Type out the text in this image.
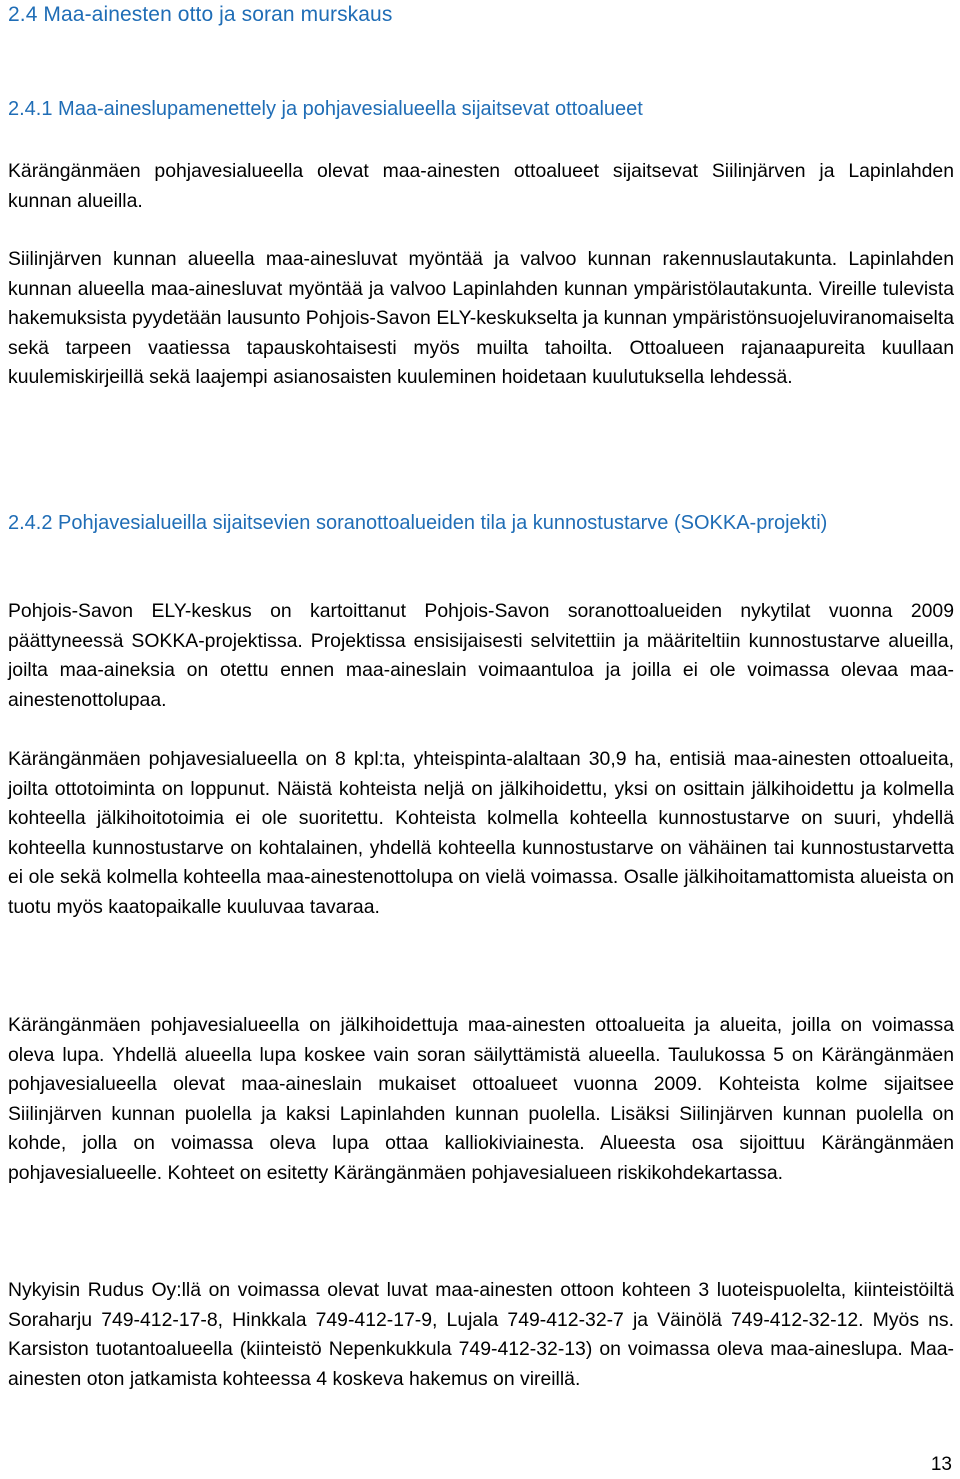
2.4 Maa-ainesten otto ja soran murskaus
2.4.1 Maa-aineslupamenettely ja pohjavesialueella sijaitsevat ottoalueet

Kärängänmäen pohjavesialueella olevat maa-ainesten ottoalueet sijaitsevat Siilinjärven ja Lapinlahden kunnan alueilla.

Siilinjärven kunnan alueella maa-ainesluvat myöntää ja valvoo kunnan rakennuslautakunta. Lapinlahden kunnan alueella maa-ainesluvat myöntää ja valvoo Lapinlahden kunnan ympäristölautakunta. Vireille tulevista hakemuksista pyydetään lausunto Pohjois-Savon ELY-keskukselta ja kunnan ympäristönsuojeluviranomaiselta sekä tarpeen vaatiessa tapauskohtaisesti myös muilta tahoilta. Ottoalueen rajanaapureita kuullaan kuulemiskirjeillä sekä laajempi asianosaisten kuuleminen hoidetaan kuulutuksella lehdessä.

2.4.2 Pohjavesialueilla sijaitsevien soranottoalueiden tila ja kunnostustarve (SOKKA-projekti)

Pohjois-Savon ELY-keskus on kartoittanut Pohjois-Savon soranottoalueiden nykytilat vuonna 2009 päättyneessä SOKKA-projektissa. Projektissa ensisijaisesti selvitettiin ja määriteltiin kunnostustarve alueilla, joilta maa-aineksia on otettu ennen maa-aineslain voimaantuloa ja joilla ei ole voimassa olevaa maa-ainestenottolupaa.

Kärängänmäen pohjavesialueella on 8 kpl:ta, yhteispinta-alaltaan 30,9 ha, entisiä maa-ainesten ottoalueita, joilta ottotoiminta on loppunut. Näistä kohteista neljä on jälkihoidettu, yksi on osittain jälkihoidettu ja kolmella kohteella jälkihoitotoimia ei ole suoritettu. Kohteista kolmella kohteella kunnostustarve on suuri, yhdellä kohteella kunnostustarve on kohtalainen, yhdellä kohteella kunnostustarve on vähäinen tai kunnostustarvetta ei ole sekä kolmella kohteella maa-ainestenottolupa on vielä voimassa. Osalle jälkihoitamattomista alueista on tuotu myös kaatopaikalle kuuluvaa tavaraa.

Kärängänmäen pohjavesialueella on jälkihoidettuja maa-ainesten ottoalueita ja alueita, joilla on voimassa oleva lupa. Yhdellä alueella lupa koskee vain soran säilyttämistä alueella. Taulukossa 5 on Kärängänmäen pohjavesialueella olevat maa-aineslain mukaiset ottoalueet vuonna 2009. Kohteista kolme sijaitsee Siilinjärven kunnan puolella ja kaksi Lapinlahden kunnan puolella. Lisäksi Siilinjärven kunnan puolella on kohde, jolla on voimassa oleva lupa ottaa kalliokiviainesta. Alueesta osa sijoittuu Kärängänmäen pohjavesialueelle. Kohteet on esitetty Kärängänmäen pohjavesialueen riskikohdekartassa.

Nykyisin Rudus Oy:llä on voimassa olevat luvat maa-ainesten ottoon kohteen 3 luoteispuolelta, kiinteistöiltä Soraharju 749-412-17-8, Hinkkala 749-412-17-9, Lujala 749-412-32-7 ja Väinölä 749-412-32-12. Myös ns. Karsiston tuotantoalueella (kiinteistö Nepenkukkula 749-412-32-13) on voimassa oleva maa-aineslupa. Maa-ainesten oton jatkamista kohteessa 4 koskeva hakemus on vireillä.

13
